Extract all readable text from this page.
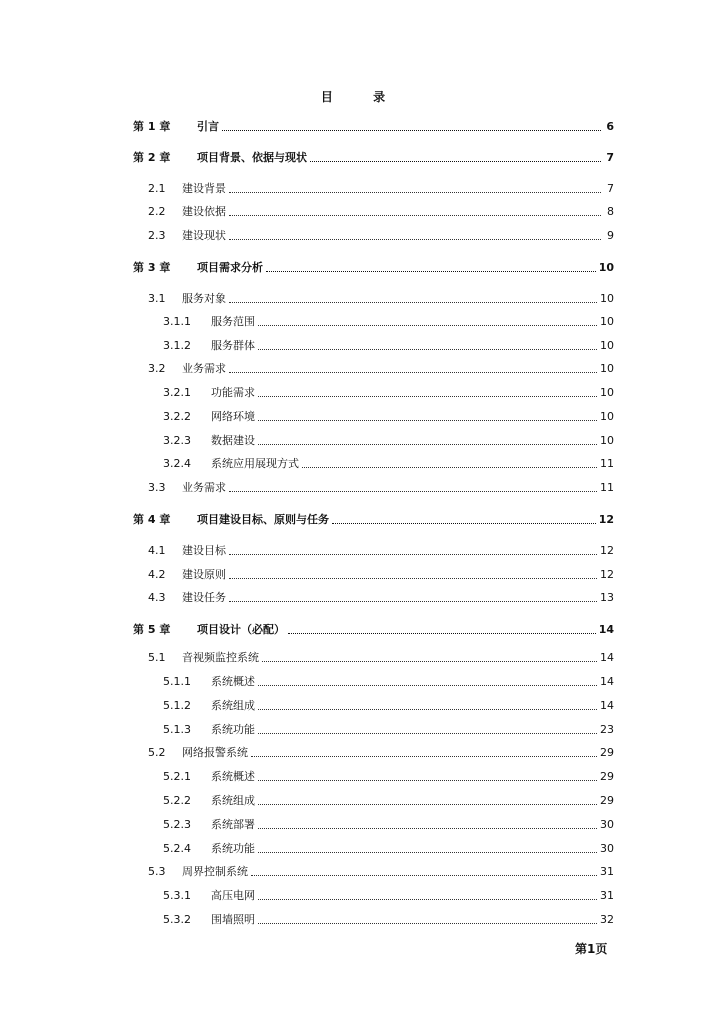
目 录
第 1 章	引言	6
第 2 章	项目背景、依据与现状	7
2.1	建设背景	7
2.2	建设依据	8
2.3	建设现状	9
第 3 章	项目需求分析	10
3.1	服务对象	10
3.1.1	服务范围	10
3.1.2	服务群体	10
3.2	业务需求	10
3.2.1	功能需求	10
3.2.2	网络环境	10
3.2.3	数据建设	10
3.2.4	系统应用展现方式	11
3.3	业务需求	11
第 4 章	项目建设目标、原则与任务	12
4.1	建设目标	12
4.2	建设原则	12
4.3	建设任务	13
第 5 章	项目设计（必配）	14
5.1	音视频监控系统	14
5.1.1	系统概述	14
5.1.2	系统组成	14
5.1.3	系统功能	23
5.2	网络报警系统	29
5.2.1	系统概述	29
5.2.2	系统组成	29
5.2.3	系统部署	30
5.2.4	系统功能	30
5.3	周界控制系统	31
5.3.1	高压电网	31
5.3.2	围墙照明	32
第1页
